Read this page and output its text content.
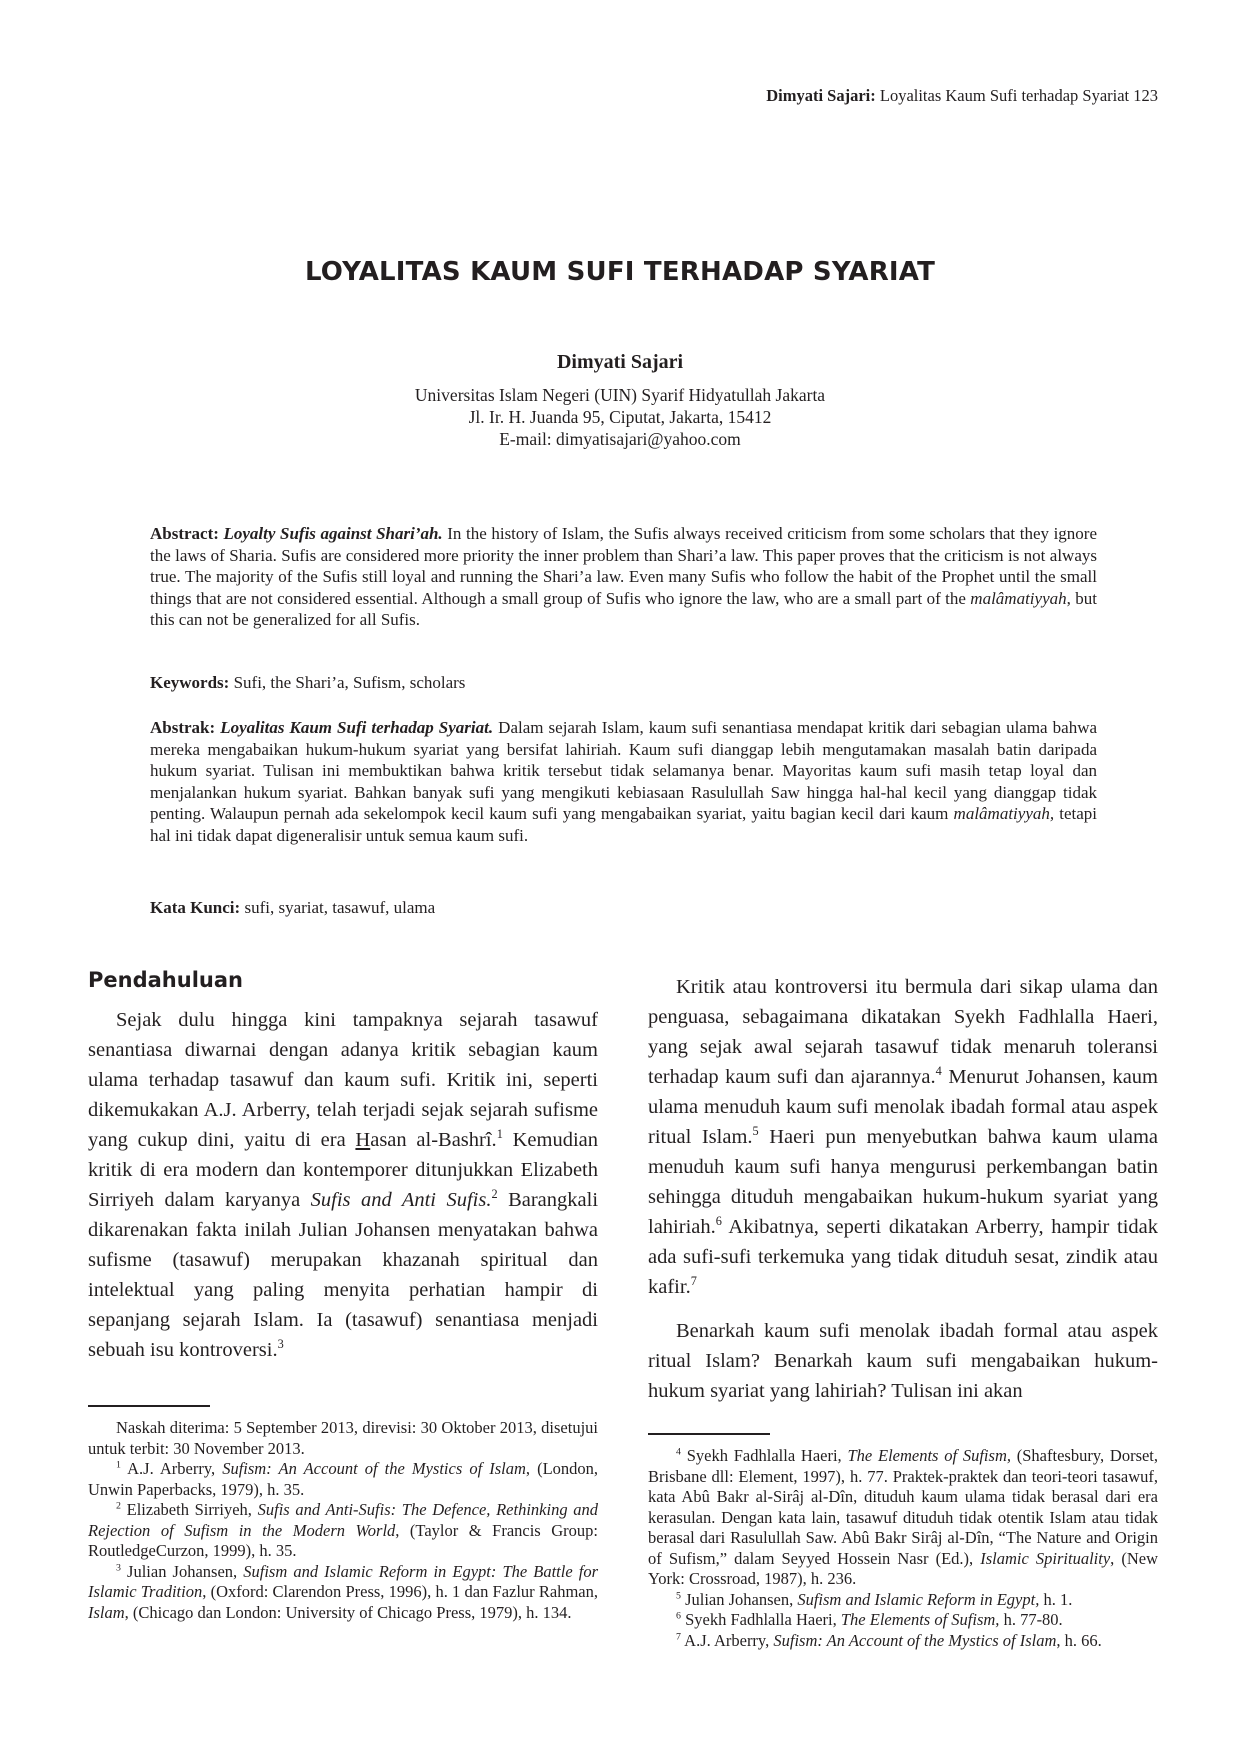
Dimyati Sajari: Loyalitas Kaum Sufi terhadap Syariat 123
LOYALITAS KAUM SUFI TERHADAP SYARIAT
Dimyati Sajari
Universitas Islam Negeri (UIN) Syarif Hidyatullah Jakarta
Jl. Ir. H. Juanda 95, Ciputat, Jakarta, 15412
E-mail: dimyatisajari@yahoo.com

Abstract: Loyalty Sufis against Shari’ah. In the history of Islam, the Sufis always received criticism from some scholars that they ignore the laws of Sharia. Sufis are considered more priority the inner problem than Shari’a law. This paper proves that the criticism is not always true. The majority of the Sufis still loyal and running the Shari’a law. Even many Sufis who follow the habit of the Prophet until the small things that are not considered essential. Although a small group of Sufis who ignore the law, who are a small part of the malâmatiyyah, but this can not be generalized for all Sufis.

Keywords: Sufi, the Shari’a, Sufism, scholars

Abstrak: Loyalitas Kaum Sufi terhadap Syariat. Dalam sejarah Islam, kaum sufi senantiasa mendapat kritik dari sebagian ulama bahwa mereka mengabaikan hukum-hukum syariat yang bersifat lahiriah. Kaum sufi dianggap lebih mengutamakan masalah batin daripada hukum syariat. Tulisan ini membuktikan bahwa kritik tersebut tidak selamanya benar. Mayoritas kaum sufi masih tetap loyal dan menjalankan hukum syariat. Bahkan banyak sufi yang mengikuti kebiasaan Rasulullah Saw hingga hal-hal kecil yang dianggap tidak penting. Walaupun pernah ada sekelompok kecil kaum sufi yang mengabaikan syariat, yaitu bagian kecil dari kaum malâmatiyyah, tetapi hal ini tidak dapat digeneralisir untuk semua kaum sufi.

Kata Kunci: sufi, syariat, tasawuf, ulama
Pendahuluan

Sejak dulu hingga kini tampaknya sejarah tasawuf senantiasa diwarnai dengan adanya kritik sebagian kaum ulama terhadap tasawuf dan kaum sufi. Kritik ini, seperti dikemukakan A.J. Arberry, telah terjadi sejak sejarah sufisme yang cukup dini, yaitu di era Hasan al-Bashrî.$^1$ Kemudian kritik di era modern dan kontemporer ditunjukkan Elizabeth Sirriyeh dalam karyanya Sufis and Anti Sufis.$^2$ Barangkali dikarenakan fakta inilah Julian Johansen menyatakan bahwa sufisme (tasawuf) merupakan khazanah spiritual dan intelektual yang paling menyita perhatian hampir di sepanjang sejarah Islam. Ia (tasawuf) senantiasa menjadi sebuah isu kontroversi.$^3$

Kritik atau kontroversi itu bermula dari sikap ulama dan penguasa, sebagaimana dikatakan Syekh Fadhlalla Haeri, yang sejak awal sejarah tasawuf tidak menaruh toleransi terhadap kaum sufi dan ajarannya.$^4$ Menurut Johansen, kaum ulama menuduh kaum sufi menolak ibadah formal atau aspek ritual Islam.$^5$ Haeri pun menyebutkan bahwa kaum ulama menuduh kaum sufi hanya mengurusi perkembangan batin sehingga dituduh mengabaikan hukum-hukum syariat yang lahiriah.$^6$ Akibatnya, seperti dikatakan Arberry, hampir tidak ada sufi-sufi terkemuka yang tidak dituduh sesat, zindik atau kafir.$^7$

Benarkah kaum sufi menolak ibadah formal atau aspek ritual Islam? Benarkah kaum sufi mengabaikan hukum-hukum syariat yang lahiriah? Tulisan ini akan

Naskah diterima: 5 September 2013, direvisi: 30 Oktober 2013, disetujui untuk terbit: 30 November 2013.

$^1$ A.J. Arberry, Sufism: An Account of the Mystics of Islam, (London, Unwin Paperbacks, 1979), h. 35.

$^2$ Elizabeth Sirriyeh, Sufis and Anti-Sufis: The Defence, Rethinking and Rejection of Sufism in the Modern World, (Taylor & Francis Group: RoutledgeCurzon, 1999), h. 35.

$^3$ Julian Johansen, Sufism and Islamic Reform in Egypt: The Battle for Islamic Tradition, (Oxford: Clarendon Press, 1996), h. 1 dan Fazlur Rahman, Islam, (Chicago dan London: University of Chicago Press, 1979), h. 134.

$^4$ Syekh Fadhlalla Haeri, The Elements of Sufism, (Shaftesbury, Dorset, Brisbane dll: Element, 1997), h. 77. Praktek-praktek dan teori-teori tasawuf, kata Abû Bakr al-Sirâj al-Dîn, dituduh kaum ulama tidak berasal dari era kerasulan. Dengan kata lain, tasawuf dituduh tidak otentik Islam atau tidak berasal dari Rasulullah Saw. Abû Bakr Sirâj al-Dîn, “The Nature and Origin of Sufism,” dalam Seyyed Hossein Nasr (Ed.), Islamic Spirituality, (New York: Crossroad, 1987), h. 236.

$^5$ Julian Johansen, Sufism and Islamic Reform in Egypt, h. 1.

$^6$ Syekh Fadhlalla Haeri, The Elements of Sufism, h. 77-80.

$^7$ A.J. Arberry, Sufism: An Account of the Mystics of Islam, h. 66.
